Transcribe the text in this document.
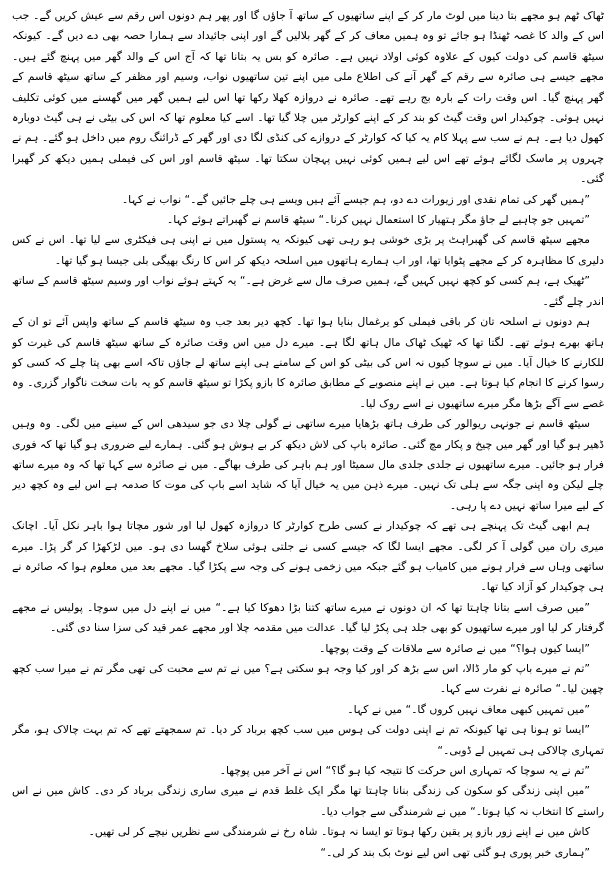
ٹھاک ٹھم ہو مجھے بتا دینا میں لوٹ مار کر کے اپنے ساتھیوں کے ساتھ آ جاؤں گا اور پھر ہم دونوں اس رقم سے عیش کریں گے۔ جب اس کے والد کا غصہ ٹھنڈا ہو جائے تو وہ ہمیں معاف کر کے گھر بلالیں گے اور اپنی جائیداد سے ہمارا حصہ بھی دے دیں گے۔ کیونکہ سیٹھ قاسم کی دولت کیوں کے علاوہ کوئی اولاد نہیں ہے۔ صائرہ کو بس یہ بتانا تھا کہ آج اس کے والد گھر میں پہنچ گئے ہیں۔ مجھے جیسے ہی صائرہ سے رقم کے گھر آنے کی اطلاع ملی میں اپنے تین ساتھیوں نواب، وسیم اور مظفر کے ساتھ سیٹھ قاسم کے گھر پہنچ گیا۔ اس وقت رات کے بارہ بج رہے تھے۔ صائرہ نے دروازہ کھلا رکھا تھا اس لیے ہمیں گھر میں گھسنے میں کوئی تکلیف نہیں ہوئی۔ چوکیدار اس وقت گیٹ کو بند کر کے اپنے کوارٹر میں چلا گیا تھا۔ اسے کیا معلوم تھا کہ اس کی بیٹی نے ہی گیٹ دوبارہ کھول دیا ہے۔ ہم نے سب سے پہلا کام یہ کیا کہ کوارٹر کے دروازے کی کنڈی لگا دی اور گھر کے ڈرائنگ روم میں داخل ہو گئے۔ ہم نے چہروں پر ماسک لگائے ہوئے تھے اس لیے ہمیں کوئی نہیں پہچان سکتا تھا۔ سیٹھ قاسم اور اس کی فیملی ہمیں دیکھ کر گھبرا گئی۔

”ہمیں گھر کی تمام نقدی اور زیورات دے دو، ہم جیسے آئے ہیں ویسے ہی چلے جائیں گے۔“ نواب نے کہا۔

”تمہیں جو چاہیے لے جاؤ مگر ہتھیار کا استعمال نہیں کرنا۔“ سیٹھ قاسم نے گھبراتے ہوئے کہا۔

مجھے سیٹھ قاسم کی گھبراہٹ پر بڑی خوشی ہو رہی تھی کیونکہ یہ پستول میں نے اپنی ہی فیکٹری سے لیا تھا۔ اس نے کس دلیری کا مظاہرہ کر کے مجھے پٹوایا تھا، اور اب ہمارے ہاتھوں میں اسلحہ دیکھ کر اس کا رنگ بھیگی بلی جیسا ہو گیا تھا۔

”ٹھیک ہے، ہم کسی کو کچھ نہیں کہیں گے، ہمیں صرف مال سے غرض ہے۔“ یہ کہتے ہوئے نواب اور وسیم سیٹھ قاسم کے ساتھ اندر چلے گئے۔

ہم دونوں نے اسلحہ تان کر باقی فیملی کو یرغمال بنایا ہوا تھا۔ کچھ دیر بعد جب وہ سیٹھ قاسم کے ساتھ واپس آئے تو ان کے ہاتھ بھرے ہوئے تھے۔ لگتا تھا کہ ٹھیک ٹھاک مال ہاتھ لگا ہے۔ میرے دل میں اس وقت صائرہ کے ساتھ سیٹھ قاسم کی غیرت کو للکارنے کا خیال آیا۔ میں نے سوچا کیوں نہ اس کی بیٹی کو اس کے سامنے ہی اپنے ساتھ لے جاؤں تاکہ اسے بھی پتا چلے کہ کسی کو رسوا کرنے کا انجام کیا ہوتا ہے۔ میں نے اپنے منصوبے کے مطابق صائرہ کا بازو پکڑا تو سیٹھ قاسم کو یہ بات سخت ناگوار گزری۔ وہ غصے سے آگے بڑھا مگر میرے ساتھیوں نے اسے روک لیا۔

سیٹھ قاسم نے جونہی ریوالور کی طرف ہاتھ بڑھایا میرے ساتھی نے گولی چلا دی جو سیدھی اس کے سینے میں لگی۔ وہ وہیں ڈھیر ہو گیا اور گھر میں چیخ و پکار مچ گئی۔ صائرہ باپ کی لاش دیکھ کر بے ہوش ہو گئی۔ ہمارے لیے ضروری ہو گیا تھا کہ فوری فرار ہو جائیں۔ میرے ساتھیوں نے جلدی جلدی مال سمیٹا اور ہم باہر کی طرف بھاگے۔ میں نے صائرہ سے کہا تھا کہ وہ میرے ساتھ چلے لیکن وہ اپنی جگہ سے ہلی تک نہیں۔ میرے ذہن میں یہ خیال آیا کہ شاید اسے باپ کی موت کا صدمہ ہے اس لیے وہ کچھ دیر کے لیے میرا ساتھ نہیں دے پا رہی۔

ہم ابھی گیٹ تک پہنچے ہی تھے کہ چوکیدار نے کسی طرح کوارٹر کا دروازہ کھول لیا اور شور مچاتا ہوا باہر نکل آیا۔ اچانک میری ران میں گولی آ کر لگی۔ مجھے ایسا لگا کہ جیسے کسی نے جلتی ہوئی سلاخ گھسا دی ہو۔ میں لڑکھڑا کر گر پڑا۔ میرے ساتھی وہاں سے فرار ہونے میں کامیاب ہو گئے جبکہ میں زخمی ہونے کی وجہ سے پکڑا گیا۔ مجھے بعد میں معلوم ہوا کہ صائرہ نے ہی چوکیدار کو آزاد کیا تھا۔

”میں صرف اسے بتانا چاہتا تھا کہ ان دونوں نے میرے ساتھ کتنا بڑا دھوکا کیا ہے۔“ میں نے اپنے دل میں سوچا۔ پولیس نے مجھے گرفتار کر لیا اور میرے ساتھیوں کو بھی جلد ہی پکڑ لیا گیا۔ عدالت میں مقدمہ چلا اور مجھے عمر قید کی سزا سنا دی گئی۔

”ایسا کیوں ہوا؟“ میں نے صائرہ سے ملاقات کے وقت پوچھا۔

”تم نے میرے باپ کو مار ڈالا، اس سے بڑھ کر اور کیا وجہ ہو سکتی ہے؟ میں نے تم سے محبت کی تھی مگر تم نے میرا سب کچھ چھین لیا۔“ صائرہ نے نفرت سے کہا۔

”میں تمہیں کبھی معاف نہیں کروں گا۔“ میں نے کہا۔

”ایسا تو ہونا ہی تھا کیونکہ تم نے اپنی دولت کی ہوس میں سب کچھ برباد کر دیا۔ تم سمجھتے تھے کہ تم بہت چالاک ہو، مگر تمہاری چالاکی ہی تمہیں لے ڈوبی۔“

”تم نے یہ سوچا کہ تمہاری اس حرکت کا نتیجہ کیا ہو گا؟“ اس نے آخر میں پوچھا۔

”میں اپنی زندگی کو سکون کی زندگی بنانا چاہتا تھا مگر ایک غلط قدم نے میری ساری زندگی برباد کر دی۔ کاش میں نے اس راستے کا انتخاب نہ کیا ہوتا۔“ میں نے شرمندگی سے جواب دیا۔

کاش میں نے اپنے زور بازو پر یقین رکھا ہوتا تو ایسا نہ ہوتا۔ شاہ رخ نے شرمندگی سے نظریں نیچے کر لی تھیں۔

”ہماری خبر پوری ہو گئی تھی اس لیے نوٹ بک بند کر لی۔“
